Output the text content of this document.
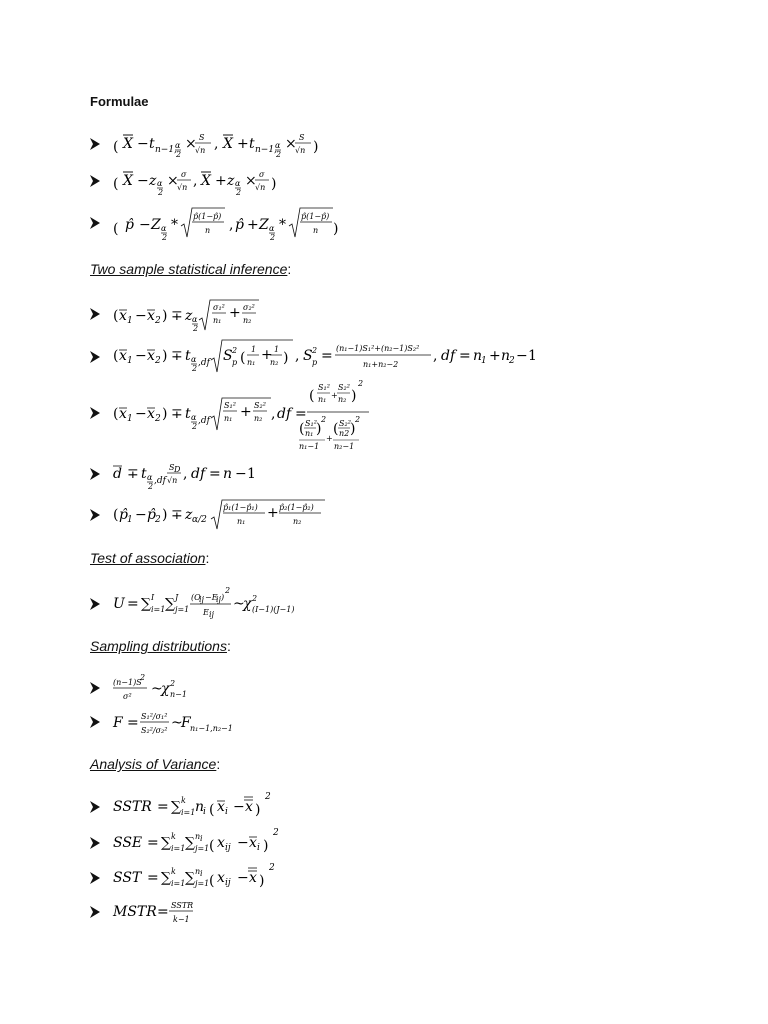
Formulae
( X − t n−1,
α
2
× S
√n , X + t n−1,
α
2
× S
√n )
( X − z α
2
× σ
√n , X + z α
2
× σ
√n )
( p̂ − Z α
2
*
p̂(1−p̂)
n , p̂ + Z α
2
*
p̂(1−p̂)
n )
Two sample statistical inference:
( x 1 − x 2 ) ∓ z α
2
σ₁²
n₁ + σ₂²
n₂
( x 1 − x 2 ) ∓ t α
2
,df S 2
p (
1
n₁ + 1
n₂ ) , S 2
p = (n₁−1)S₁²+(n₂−1)S₂²
n₁+n₂−2
, df = n
1 + n
2 − 1
( x 1 − x 2 ) ∓ t α
2
,df
S₁²
n₁ + S₂²
n₂ , df =
(
S₁²
n₁ +
S₂²
n₂ )
2
( S₁²
n₁ )
2
n₁−1
+
( S₂²
n2 )
2
n₂−1
d ∓ t α
2
,df
S D
√n , df = n − 1
( p̂ 1 − p̂ 2 ) ∓ z α/2
p̂₁(1−p̂₁)
n₁
+ p̂₂(1−p̂₂)
n₂
Test of association:
U = ∑ I
i=1 ∑ J
j=1
(O
ij −E
ij )
2
E ij
~
χ 2
(I−1)(J−1)
Sampling distributions:
(n−1)S
2
σ² ~
χ 2
n−1
F = S₁²/σ₁²
S₂²/σ₂² ~
F n₁−1,n₂−1
Analysis of Variance:
SSTR = ∑ k
i=1 n
i ( x i − x )
2
SSE = ∑ k
i=1 ∑ n i
j=1 ( x ij − x i )
2
SST = ∑ k
i=1 ∑ n i
j=1 ( x ij − x )
2
MSTR = SSTR
k−1
